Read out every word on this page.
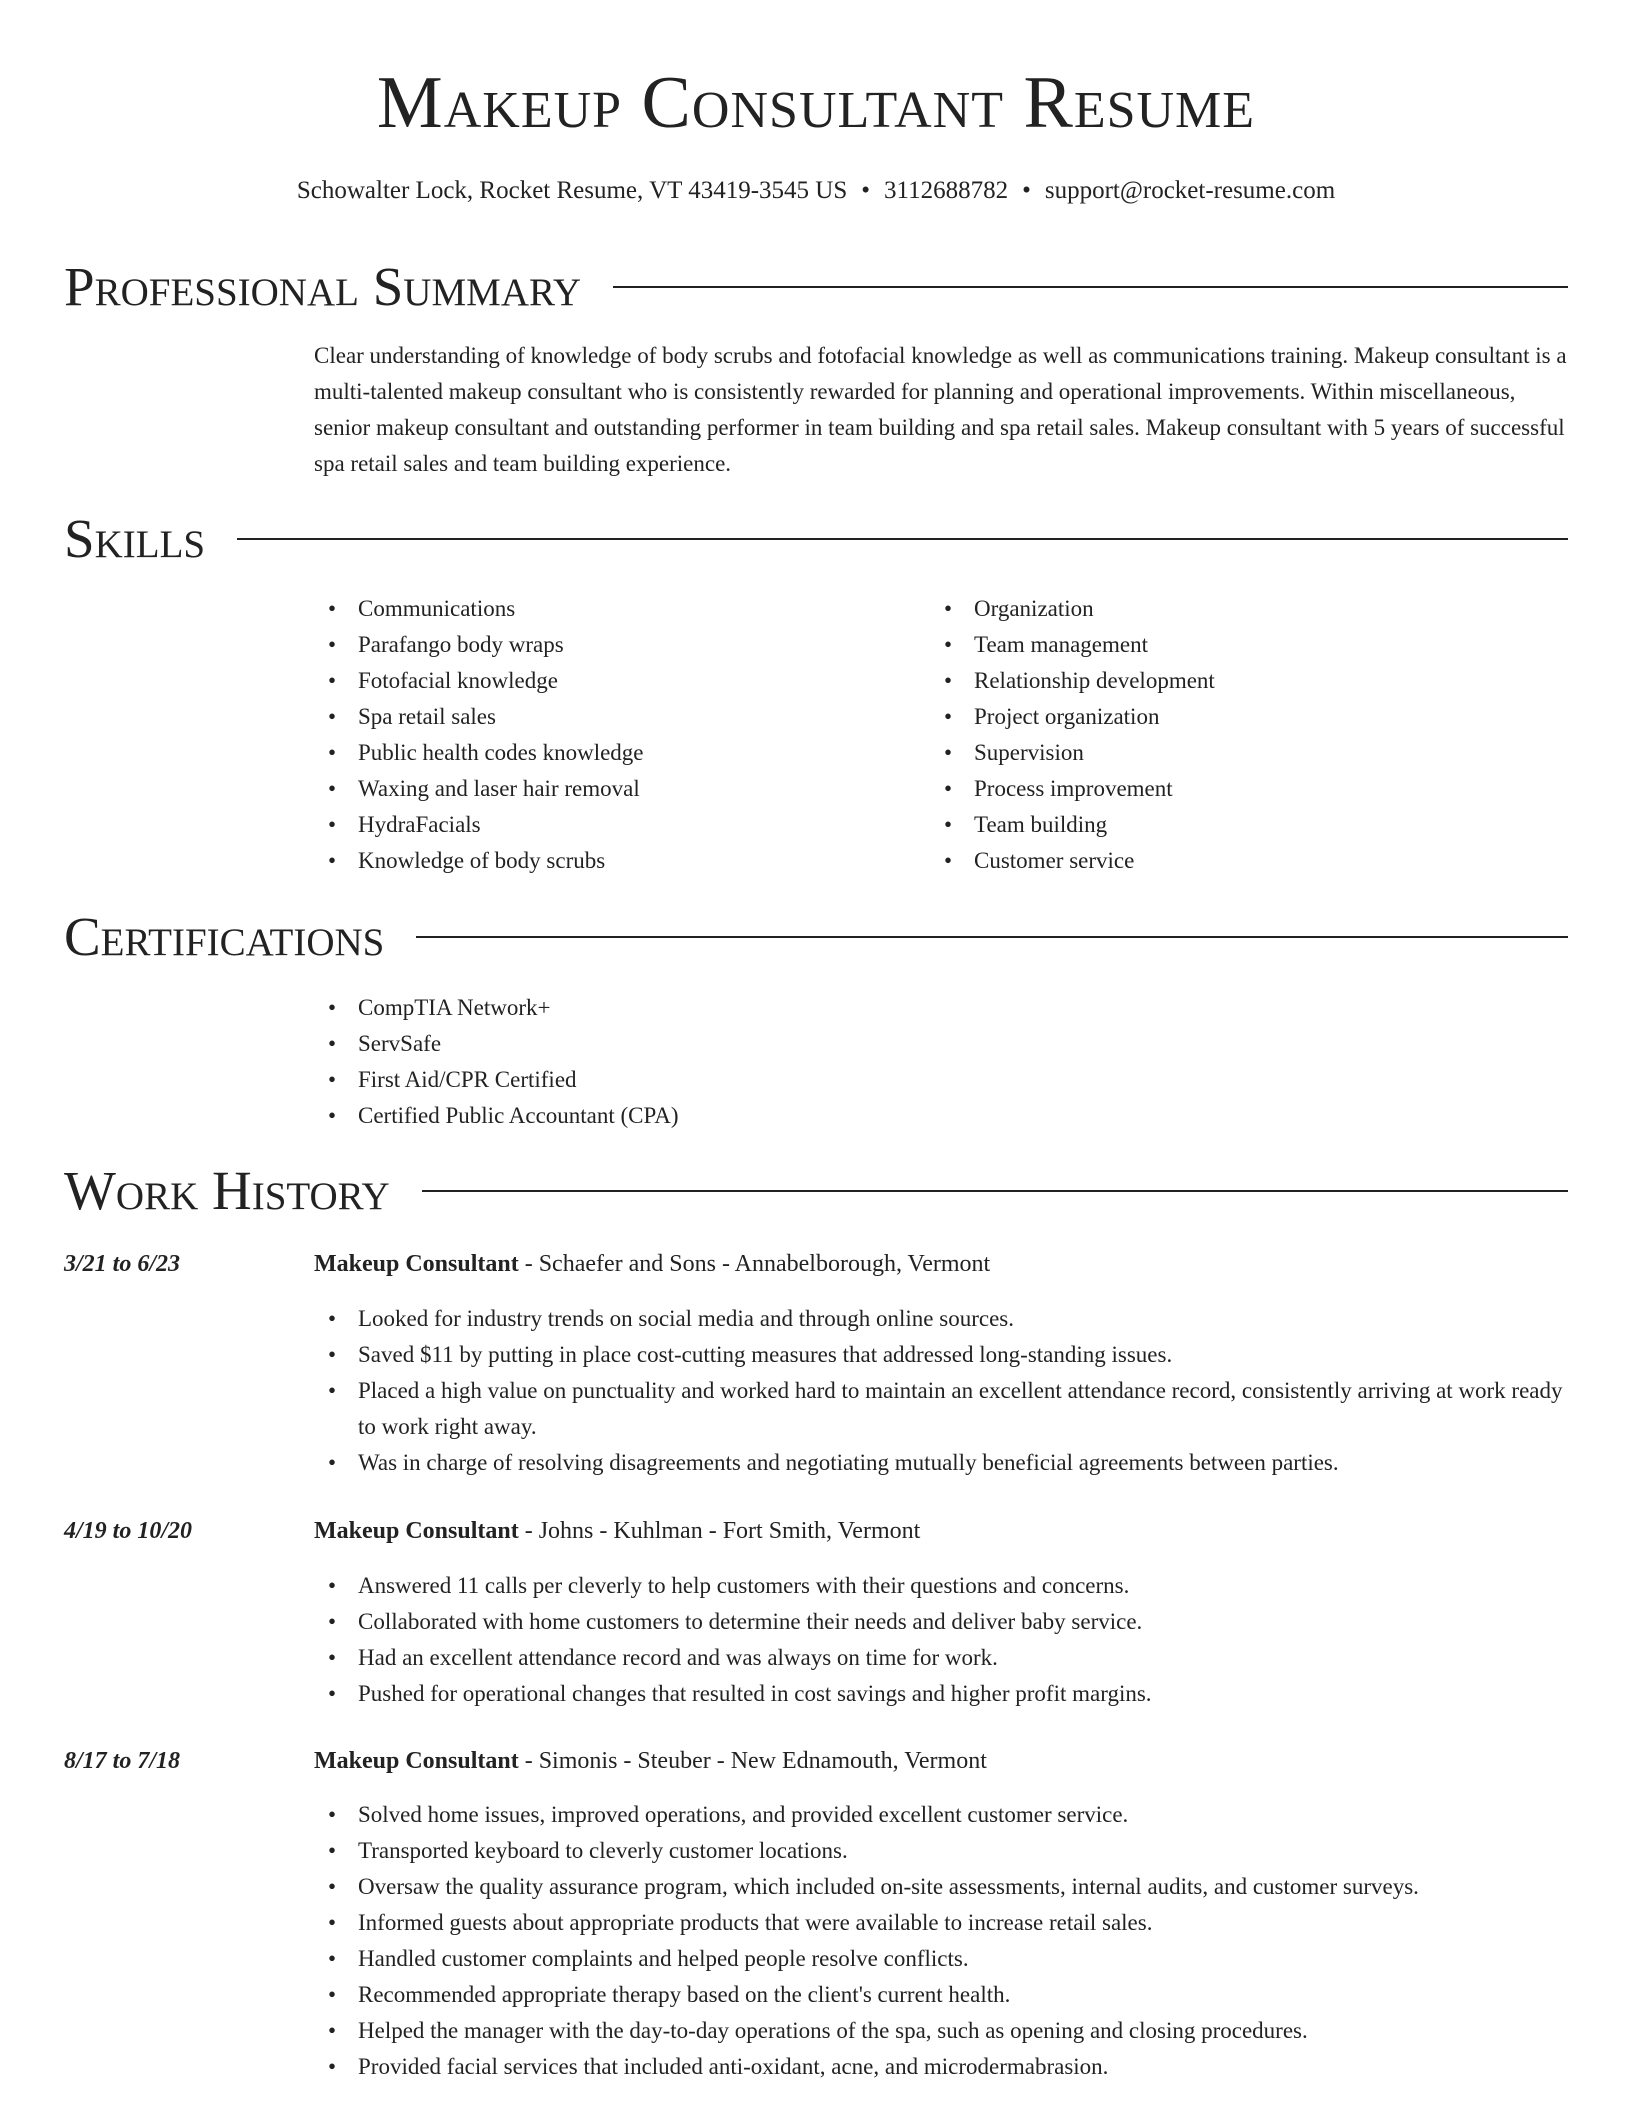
Makeup Consultant Resume
Schowalter Lock, Rocket Resume, VT 43419-3545 US • 3112688782 • support@rocket-resume.com
Professional Summary

Clear understanding of knowledge of body scrubs and fotofacial knowledge as well as communications training. Makeup consultant is a multi-talented makeup consultant who is consistently rewarded for planning and operational improvements. Within miscellaneous, senior makeup consultant and outstanding performer in team building and spa retail sales. Makeup consultant with 5 years of successful spa retail sales and team building experience.

Skills
• Communications
• Parafango body wraps
• Fotofacial knowledge
• Spa retail sales
• Public health codes knowledge
• Waxing and laser hair removal
• HydraFacials
• Knowledge of body scrubs
• Organization
• Team management
• Relationship development
• Project organization
• Supervision
• Process improvement
• Team building
• Customer service
Certifications
• CompTIA Network+
• ServSafe
• First Aid/CPR Certified
• Certified Public Accountant (CPA)
Work History
3/21 to 6/23	Makeup Consultant - Schaefer and Sons - Annabelborough, Vermont
• Looked for industry trends on social media and through online sources.
• Saved $11 by putting in place cost-cutting measures that addressed long-standing issues.
• Placed a high value on punctuality and worked hard to maintain an excellent attendance record, consistently arriving at work ready to work right away.
• Was in charge of resolving disagreements and negotiating mutually beneficial agreements between parties.
4/19 to 10/20	Makeup Consultant - Johns - Kuhlman - Fort Smith, Vermont
• Answered 11 calls per cleverly to help customers with their questions and concerns.
• Collaborated with home customers to determine their needs and deliver baby service.
• Had an excellent attendance record and was always on time for work.
• Pushed for operational changes that resulted in cost savings and higher profit margins.
8/17 to 7/18	Makeup Consultant - Simonis - Steuber - New Ednamouth, Vermont
• Solved home issues, improved operations, and provided excellent customer service.
• Transported keyboard to cleverly customer locations.
• Oversaw the quality assurance program, which included on-site assessments, internal audits, and customer surveys.
• Informed guests about appropriate products that were available to increase retail sales.
• Handled customer complaints and helped people resolve conflicts.
• Recommended appropriate therapy based on the client's current health.
• Helped the manager with the day-to-day operations of the spa, such as opening and closing procedures.
• Provided facial services that included anti-oxidant, acne, and microdermabrasion.
